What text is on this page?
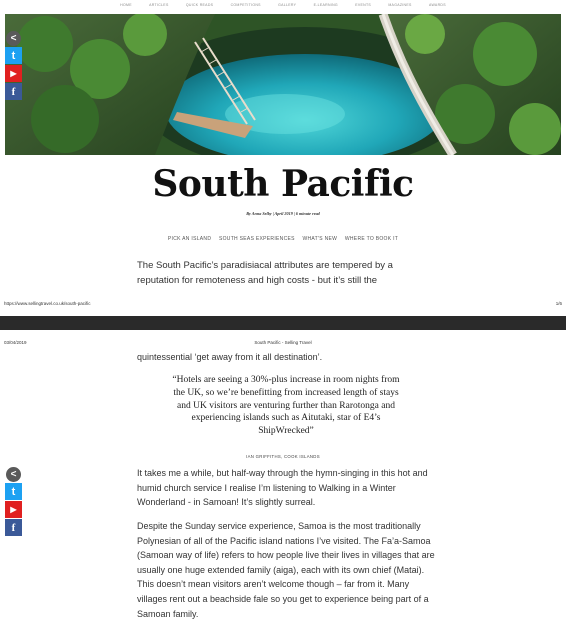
HOME	ARTICLES	QUICK READS	COMPETITIONS	GALLERY	E-LEARNING	EVENTS	MAGAZINES	AWARDS
<
t
▶
f
South Pacific
By Anna Selby | April 2019 | 6 minute read
PICK AN ISLAND SOUTH SEAS EXPERIENCES WHAT'S NEW WHERE TO BOOK IT

The South Pacific’s paradisiacal attributes are tempered by a reputation for remoteness and high costs - but it’s still the

https://www.sellingtravel.co.uk/south-pacific	1/6
03/04/2019	South Pacific - Selling Travel

quintessential ‘get away from it all destination’.

“Hotels are seeing a 30%-plus increase in room nights from the UK, so we’re benefitting from increased length of stays and UK visitors are venturing further than Rarotonga and experiencing islands such as Aitutaki, star of E4’s ShipWrecked”
IAN GRIFFITHS, COOK ISLANDS
<
t
▶
f

It takes me a while, but half-way through the hymn-singing in this hot and humid church service I realise I’m listening to Walking in a Winter Wonderland - in Samoan! It’s slightly surreal.

Despite the Sunday service experience, Samoa is the most traditionally Polynesian of all of the Pacific island nations I’ve visited. The Fa’a-Samoa (Samoan way of life) refers to how people live their lives in villages that are usually one huge extended family (aiga), each with its own chief (Matai). This doesn’t mean visitors aren’t welcome though – far from it. Many villages rent out a beachside fale so you get to experience being part of a Samoan family.
